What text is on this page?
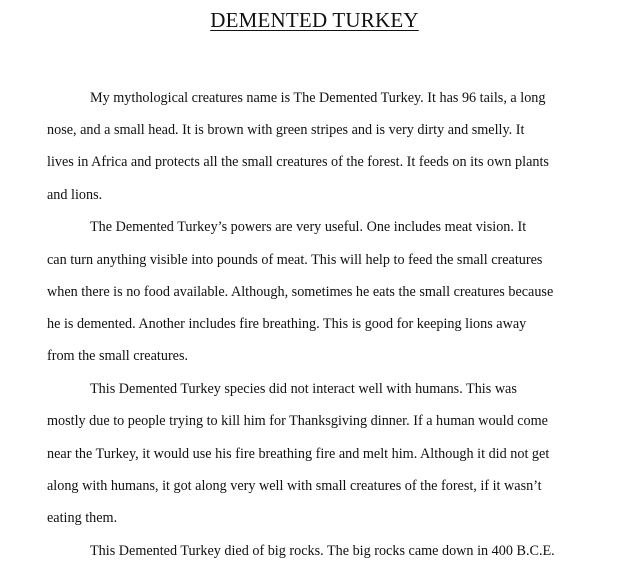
DEMENTED TURKEY
My mythological creatures name is The Demented Turkey. It has 96 tails, a long
nose, and a small head. It is brown with green stripes and is very dirty and smelly. It
lives in Africa and protects all the small creatures of the forest. It feeds on its own plants
and lions.
The Demented Turkey’s powers are very useful. One includes meat vision. It
can turn anything visible into pounds of meat. This will help to feed the small creatures
when there is no food available. Although, sometimes he eats the small creatures because
he is demented. Another includes fire breathing. This is good for keeping lions away
from the small creatures.
This Demented Turkey species did not interact well with humans. This was
mostly due to people trying to kill him for Thanksgiving dinner. If a human would come
near the Turkey, it would use his fire breathing fire and melt him. Although it did not get
along with humans, it got along very well with small creatures of the forest, if it wasn’t
eating them.
This Demented Turkey died of big rocks. The big rocks came down in 400 B.C.E.
